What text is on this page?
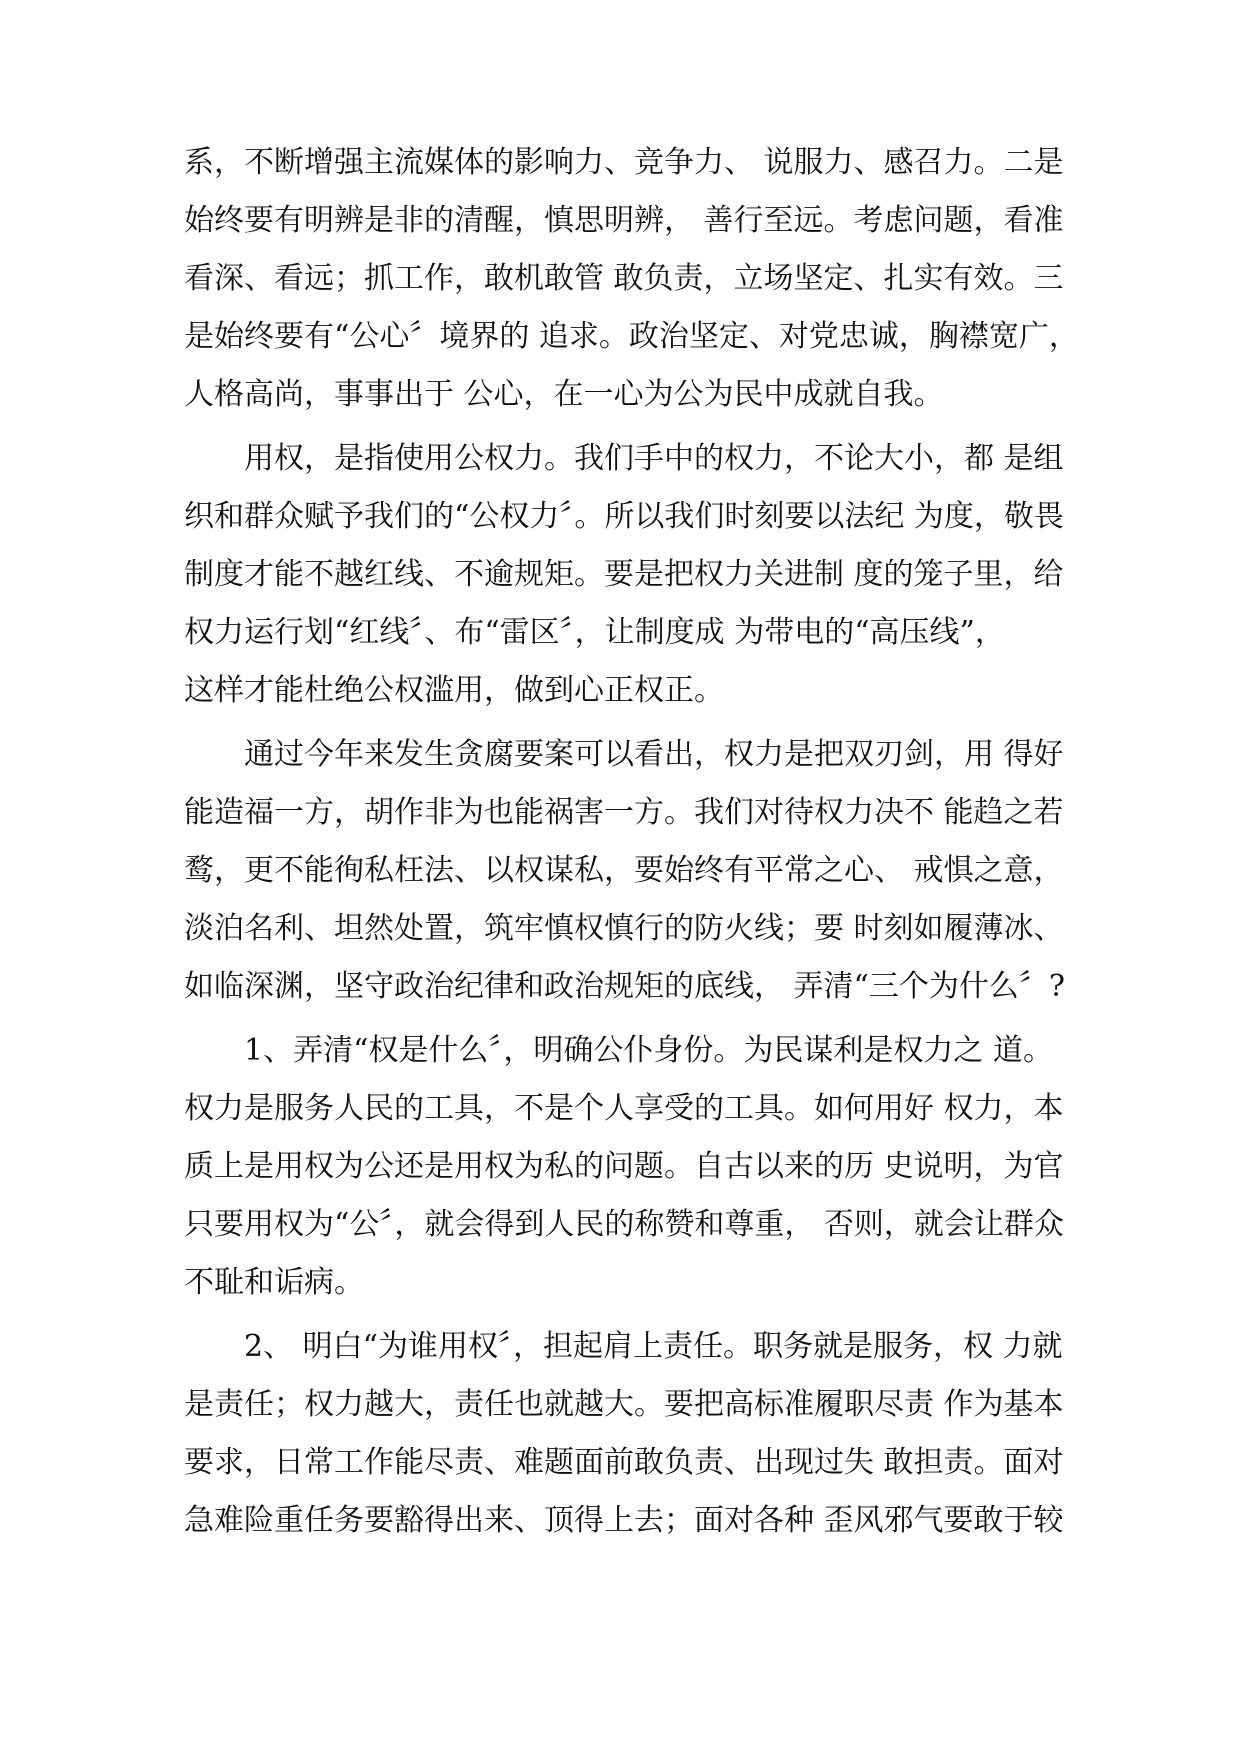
系，不断增强主流媒体的影响力、竞争力、 说服力、感召力。二是
始终要有明辨是非的清醒，慎思明辨， 善行至远。考虑问题，看准
看深、看远；抓工作，敢机敢管 敢负责，立场坚定、扎实有效。三
是始终要有“公心〞境界的 追求。政治坚定、对党忠诚，胸襟宽广，
人格高尚，事事出于 公心，在一心为公为民中成就自我。
　　用权，是指使用公权力。我们手中的权力，不论大小，都 是组
织和群众赋予我们的“公权力〞。所以我们时刻要以法纪 为度，敬畏
制度才能不越红线、不逾规矩。要是把权力关进制 度的笼子里，给
权力运行划“红线〞、布“雷区〞，让制度成 为带电的“高压线”，
这样才能杜绝公权滥用，做到心正权正。
　　通过今年来发生贪腐要案可以看出，权力是把双刃剑，用 得好
能造福一方，胡作非为也能祸害一方。我们对待权力决不 能趋之若
鹜，更不能徇私枉法、以权谋私，要始终有平常之心、 戒惧之意，
淡泊名利、坦然处置，筑牢慎权慎行的防火线；要 时刻如履薄冰、
如临深渊，坚守政治纪律和政治规矩的底线， 弄清“三个为什么〞?
　　1、弄清“权是什么〞，明确公仆身份。为民谋利是权力之 道。
权力是服务人民的工具，不是个人享受的工具。如何用好 权力，本
质上是用权为公还是用权为私的问题。自古以来的历 史说明，为官
只要用权为“公〞，就会得到人民的称赞和尊重， 否则，就会让群众
不耻和诟病。
　　2、 明白“为谁用权〞，担起肩上责任。职务就是服务，权 力就
是责任；权力越大，责任也就越大。要把高标准履职尽责 作为基本
要求，日常工作能尽责、难题面前敢负责、出现过失 敢担责。面对
急难险重任务要豁得出来、顶得上去；面对各种 歪风邪气要敢于较
